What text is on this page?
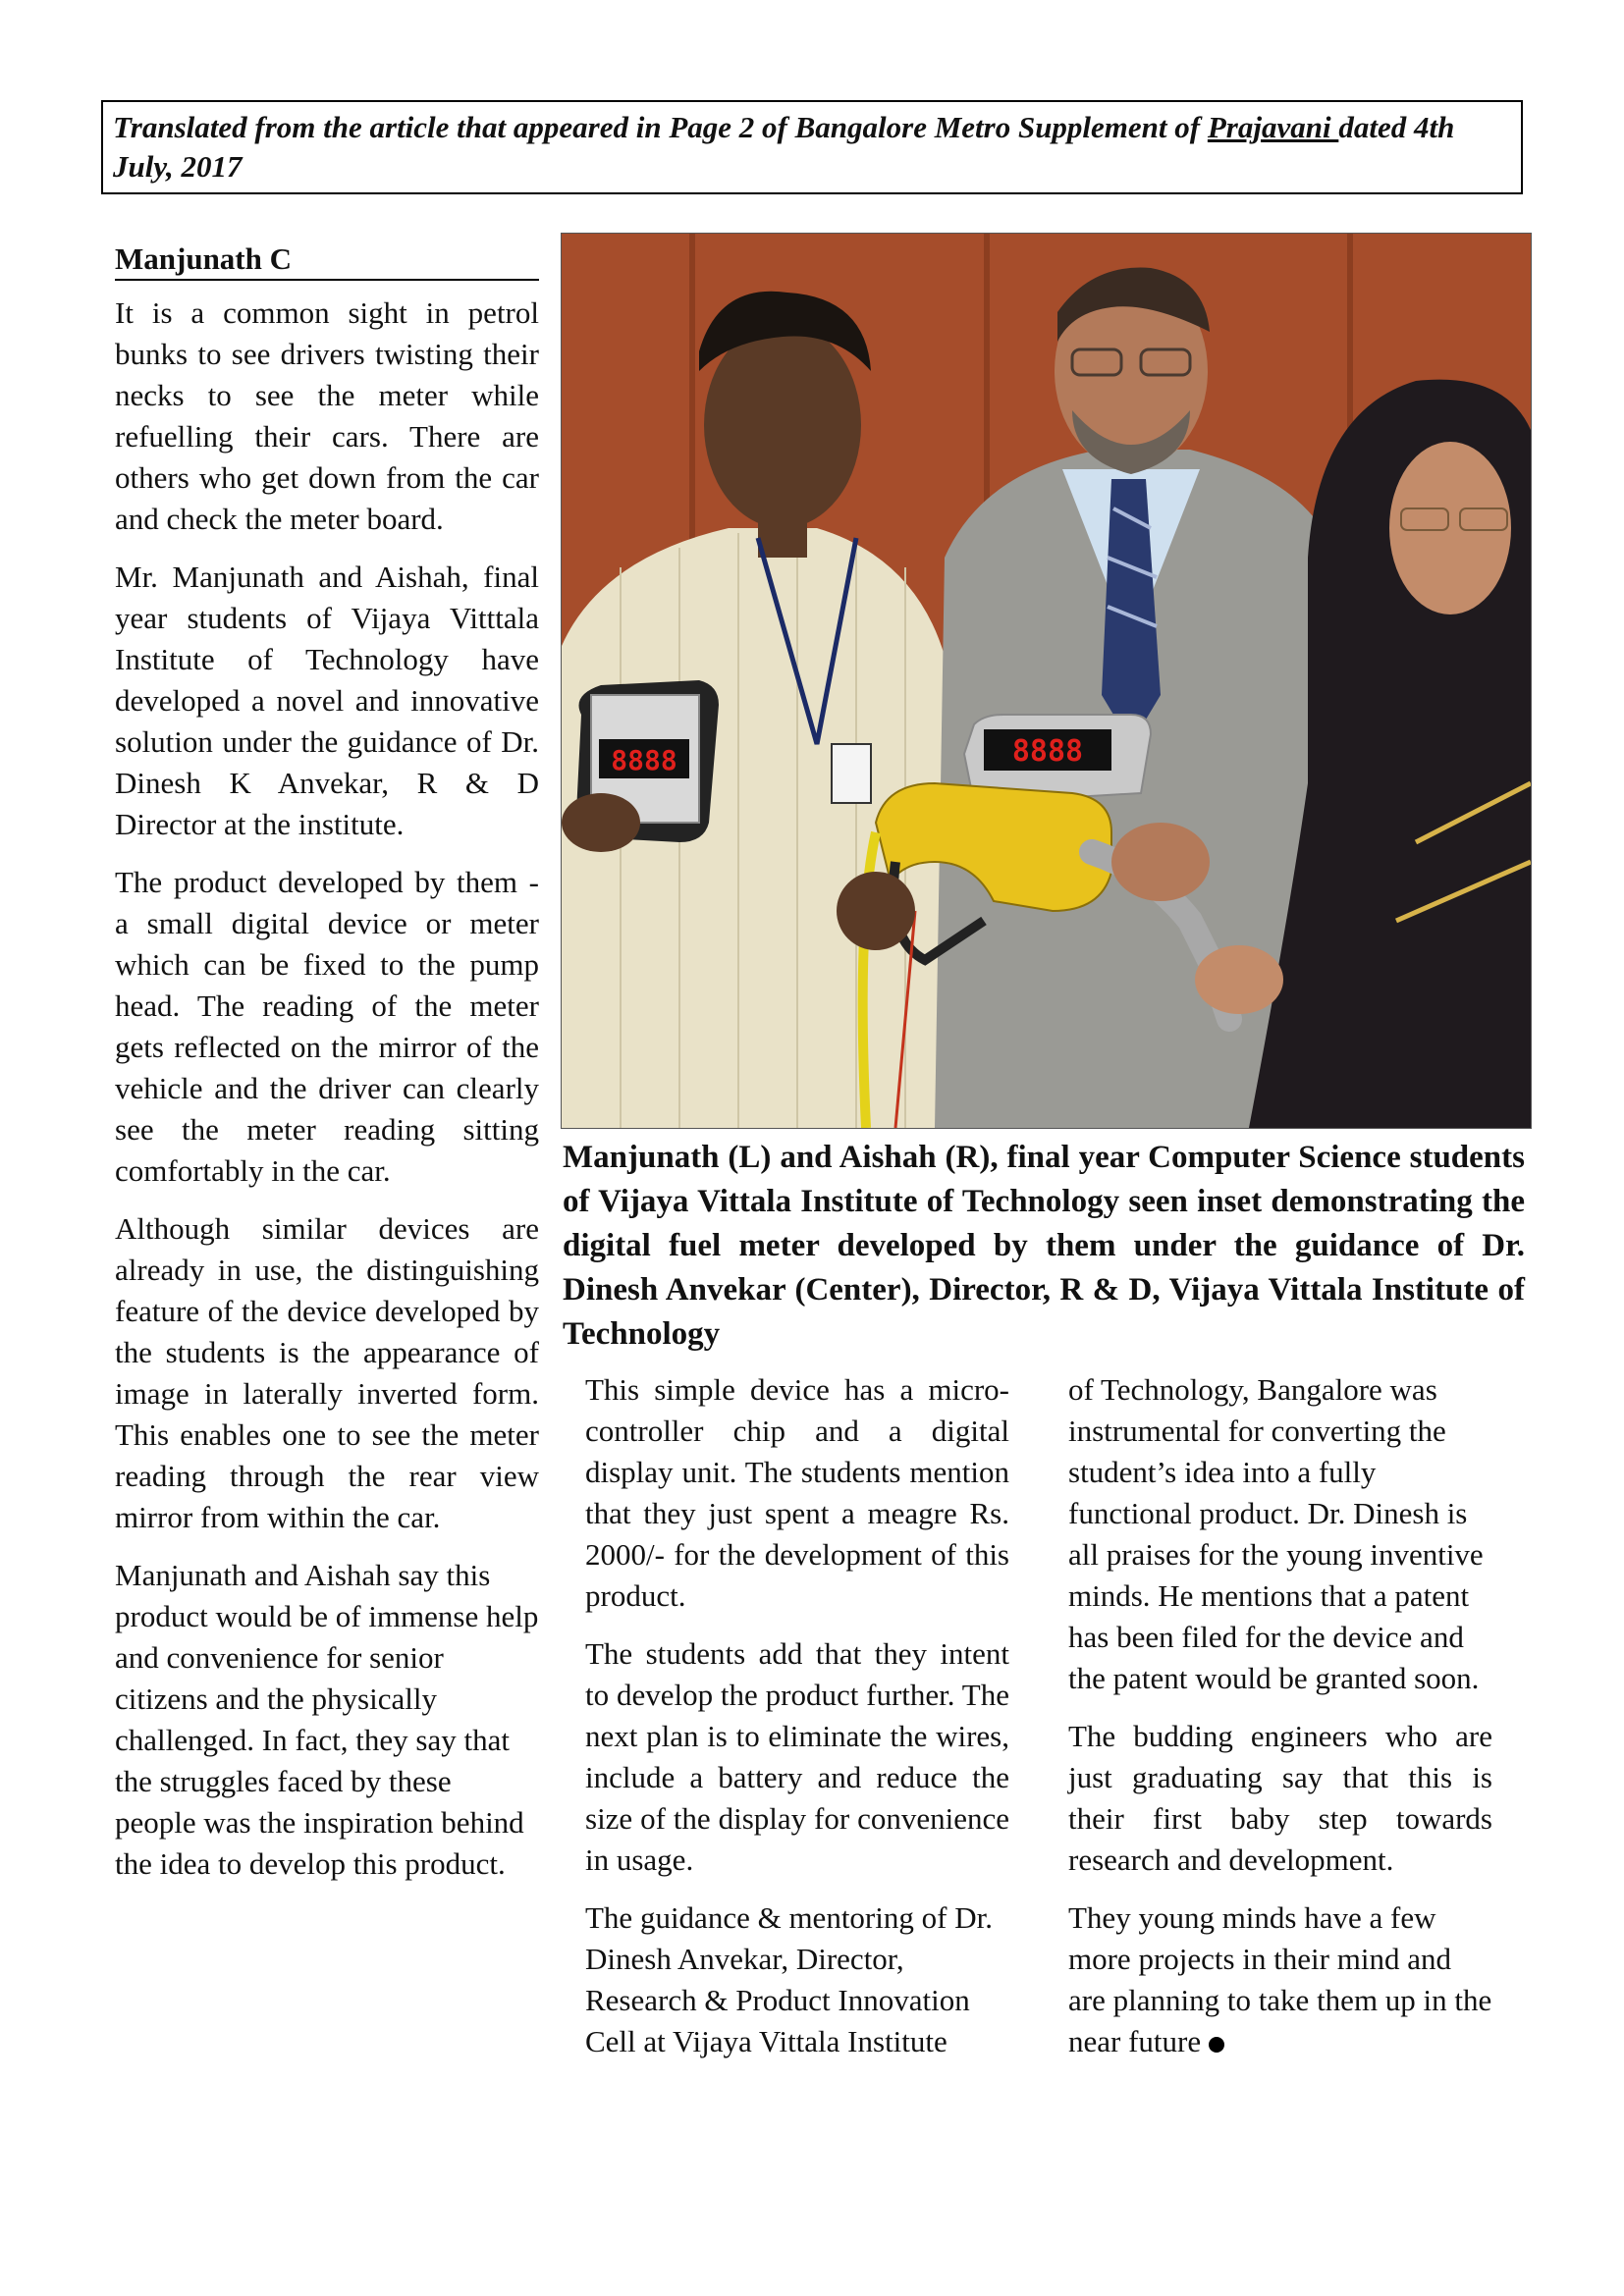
Translated from the article that appeared in Page 2 of Bangalore Metro Supplement of Prajavani dated 4th July, 2017
Manjunath C

It is a common sight in petrol bunks to see drivers twisting their necks to see the meter while refuelling their cars. There are others who get down from the car and check the meter board.

Mr. Manjunath and Aishah, final year students of Vijaya Vitttala Institute of Technology have developed a novel and innovative solution under the guidance of Dr. Dinesh K Anvekar, R & D Director at the institute.

The product developed by them - a small digital device or meter which can be fixed to the pump head. The reading of the meter gets reflected on the mirror of the vehicle and the driver can clearly see the meter reading sitting comfortably in the car.

Although similar devices are already in use, the distinguishing feature of the device developed by the students is the appearance of image in laterally inverted form. This enables one to see the meter reading through the rear view mirror from within the car.

Manjunath and Aishah say this product would be of immense help and convenience for senior citizens and the physically challenged. In fact, they say that the struggles faced by these people was the inspiration behind the idea to develop this product.

8888	8888
Manjunath (L) and Aishah (R), final year Computer Science students of Vijaya Vittala Institute of Technology seen inset demonstrating the digital fuel meter developed by them under the guidance of Dr. Dinesh Anvekar (Center), Director, R & D, Vijaya Vittala Institute of Technology

This simple device has a micro-controller chip and a digital display unit. The students mention that they just spent a meagre Rs. 2000/- for the development of this product.

The students add that they intent to develop the product further. The next plan is to eliminate the wires, include a battery and reduce the size of the display for convenience in usage.

The guidance & mentoring of Dr. Dinesh Anvekar, Director, Research & Product Innovation Cell at Vijaya Vittala Institute

of Technology, Bangalore was instrumental for converting the student’s idea into a fully functional product. Dr. Dinesh is all praises for the young inventive minds. He mentions that a patent has been filed for the device and the patent would be granted soon.

The budding engineers who are just graduating say that this is their first baby step towards research and development.

They young minds have a few more projects in their mind and are planning to take them up in the near future
